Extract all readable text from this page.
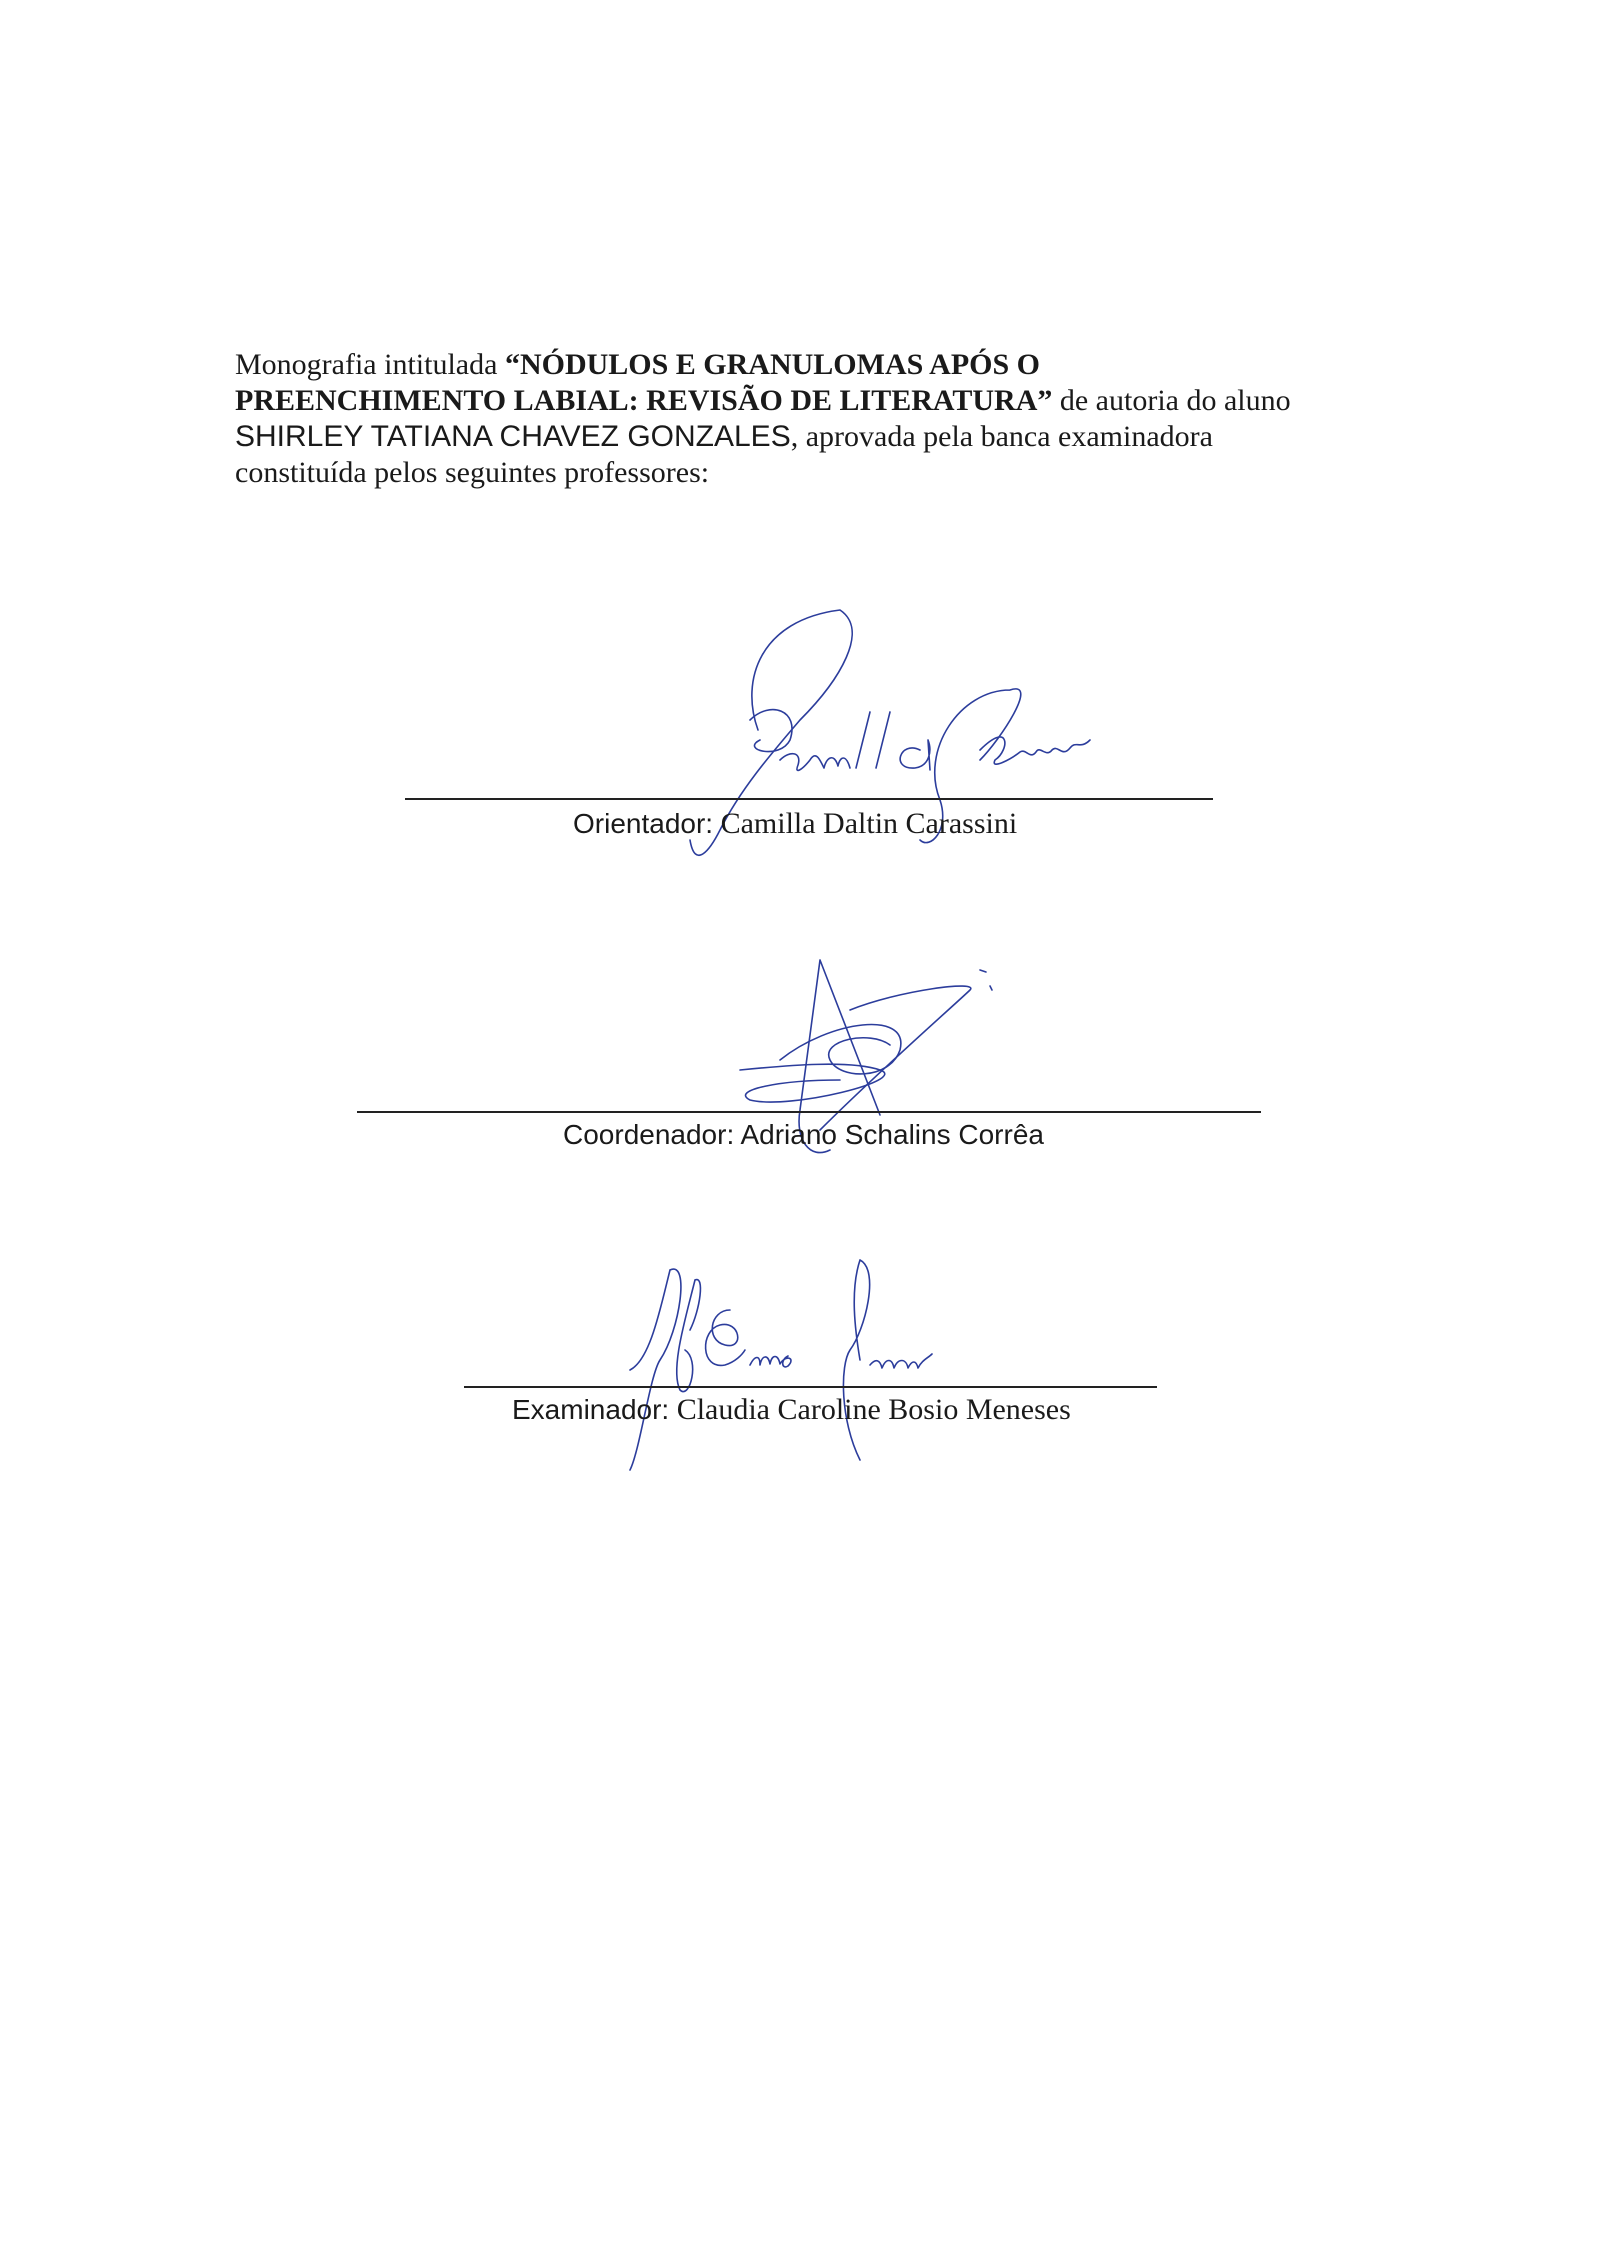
Monografia intitulada “NÓDULOS E GRANULOMAS APÓS O
PREENCHIMENTO LABIAL: REVISÃO DE LITERATURA” de autoria do aluno
SHIRLEY TATIANA CHAVEZ GONZALES, aprovada pela banca examinadora
constituída pelos seguintes professores:
Orientador: Camilla Daltin Carassini
Coordenador: Adriano Schalins Corrêa
Examinador: Claudia Caroline Bosio Meneses
